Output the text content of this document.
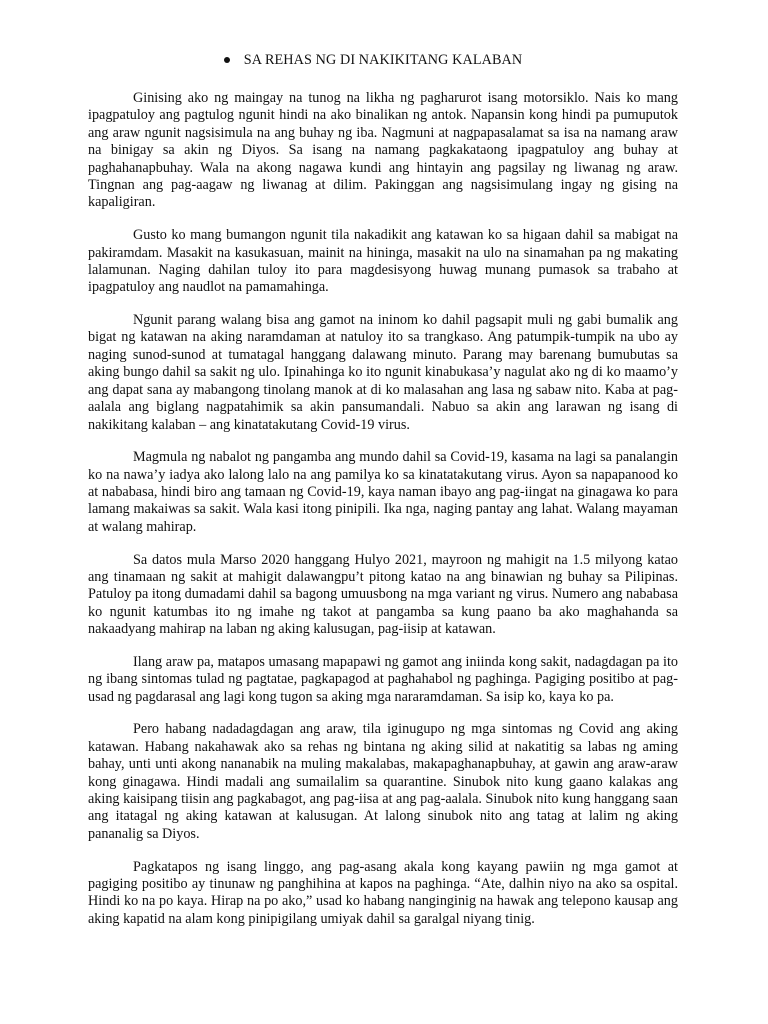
SA REHAS NG DI NAKIKITANG KALABAN

Ginising ako ng maingay na tunog na likha ng pagharurot isang motorsiklo. Nais ko mang ipagpatuloy ang pagtulog ngunit hindi na ako binalikan ng antok. Napansin kong hindi pa pumuputok ang araw ngunit nagsisimula na ang buhay ng iba. Nagmuni at nagpapasalamat sa isa na namang araw na binigay sa akin ng Diyos. Sa isang na namang pagkakataong ipagpatuloy ang buhay at paghahanapbuhay. Wala na akong nagawa kundi ang hintayin ang pagsilay ng liwanag ng araw. Tingnan ang pag-aagaw ng liwanag at dilim. Pakinggan ang nagsisimulang ingay ng gising na kapaligiran.

Gusto ko mang bumangon ngunit tila nakadikit ang katawan ko sa higaan dahil sa mabigat na pakiramdam. Masakit na kasukasuan, mainit na hininga, masakit na ulo na sinamahan pa ng makating lalamunan. Naging dahilan tuloy ito para magdesisyong huwag munang pumasok sa trabaho at ipagpatuloy ang naudlot na pamamahinga.

Ngunit parang walang bisa ang gamot na ininom ko dahil pagsapit muli ng gabi bumalik ang bigat ng katawan na aking naramdaman at natuloy ito sa trangkaso. Ang patumpik-tumpik na ubo ay naging sunod-sunod at tumatagal hanggang dalawang minuto. Parang may barenang bumubutas sa aking bungo dahil sa sakit ng ulo. Ipinahinga ko ito ngunit kinabukasa’y nagulat ako ng di ko maamo’y ang dapat sana ay mabangong tinolang manok at di ko malasahan ang lasa ng sabaw nito. Kaba at pag-aalala ang biglang nagpatahimik sa akin pansumandali. Nabuo sa akin ang larawan ng isang di nakikitang kalaban – ang kinatatakutang Covid-19 virus.

Magmula ng nabalot ng pangamba ang mundo dahil sa Covid-19, kasama na lagi sa panalangin ko na nawa’y iadya ako lalong lalo na ang pamilya ko sa kinatatakutang virus. Ayon sa napapanood ko at nababasa, hindi biro ang tamaan ng Covid-19, kaya naman ibayo ang pag-iingat na ginagawa ko para lamang makaiwas sa sakit. Wala kasi itong pinipili. Ika nga, naging pantay ang lahat. Walang mayaman at walang mahirap.

Sa datos mula Marso 2020 hanggang Hulyo 2021, mayroon ng mahigit na 1.5 milyong katao ang tinamaan ng sakit at mahigit dalawangpu’t pitong katao na ang binawian ng buhay sa Pilipinas. Patuloy pa itong dumadami dahil sa bagong umuusbong na mga variant ng virus. Numero ang nababasa ko ngunit katumbas ito ng imahe ng takot at pangamba sa kung paano ba ako maghahanda sa nakaadyang mahirap na laban ng aking kalusugan, pag-iisip at katawan.

Ilang araw pa, matapos umasang mapapawi ng gamot ang iniinda kong sakit, nadagdagan pa ito ng ibang sintomas tulad ng pagtatae, pagkapagod at paghahabol ng paghinga. Pagiging positibo at pag-usad ng pagdarasal ang lagi kong tugon sa aking mga nararamdaman. Sa isip ko, kaya ko pa.

Pero habang nadadagdagan ang araw, tila iginugupo ng mga sintomas ng Covid ang aking katawan. Habang nakahawak ako sa rehas ng bintana ng aking silid at nakatitig sa labas ng aming bahay, unti unti akong nananabik na muling makalabas, makapaghanapbuhay, at gawin ang araw-araw kong ginagawa. Hindi madali ang sumailalim sa quarantine. Sinubok nito kung gaano kalakas ang aking kaisipang tiisin ang pagkabagot, ang pag-iisa at ang pag-aalala. Sinubok nito kung hanggang saan ang itatagal ng aking katawan at kalusugan. At lalong sinubok nito ang tatag at lalim ng aking pananalig sa Diyos.

Pagkatapos ng isang linggo, ang pag-asang akala kong kayang pawiin ng mga gamot at pagiging positibo ay tinunaw ng panghihina at kapos na paghinga. “Ate, dalhin niyo na ako sa ospital. Hindi ko na po kaya. Hirap na po ako,” usad ko habang nanginginig na hawak ang telepono kausap ang aking kapatid na alam kong pinipigilang umiyak dahil sa garalgal niyang tinig.
